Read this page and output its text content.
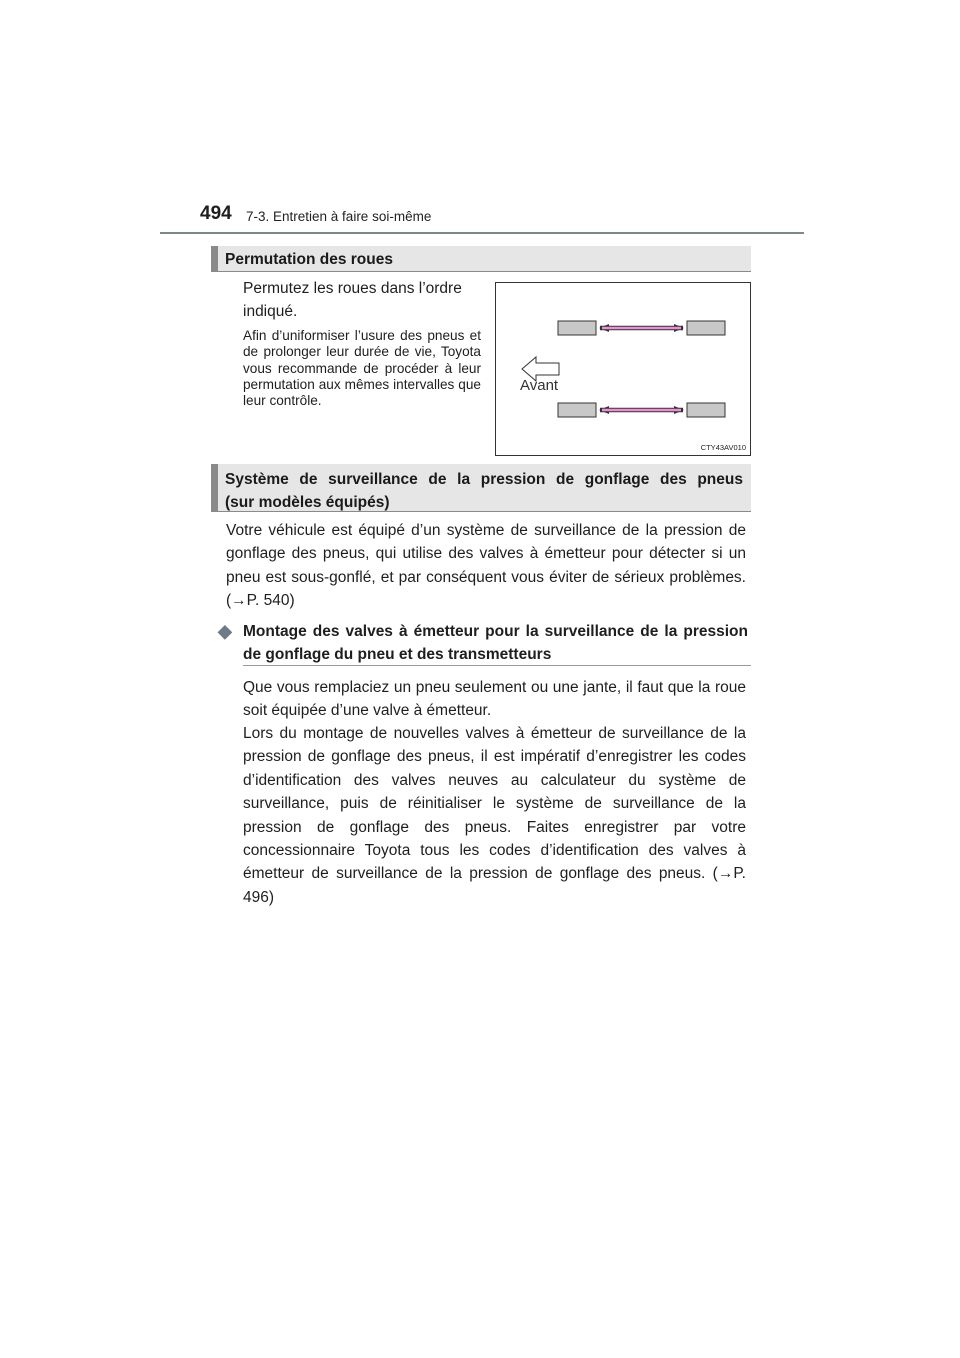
494 7-3. Entretien à faire soi-même
Permutation des roues
Permutez les roues dans l’ordre indiqué.
Afin d’uniformiser l’usure des pneus et de prolonger leur durée de vie, Toyota vous recommande de procéder à leur permutation aux mêmes intervalles que leur contrôle.
Avant
CTY43AV010
Système de surveillance de la pression de gonflage des pneus
(sur modèles équipés)
Votre véhicule est équipé d’un système de surveillance de la pression de gonflage des pneus, qui utilise des valves à émetteur pour détecter si un pneu est sous-gonflé, et par conséquent vous éviter de sérieux problèmes. (→P. 540)
◆ Montage des valves à émetteur pour la surveillance de la pression de gonflage du pneu et des transmetteurs
Que vous remplaciez un pneu seulement ou une jante, il faut que la roue soit équipée d’une valve à émetteur.
Lors du montage de nouvelles valves à émetteur de surveillance de la pression de gonflage des pneus, il est impératif d’enregistrer les codes d’identification des valves neuves au calculateur du système de surveillance, puis de réinitialiser le système de surveillance de la pression de gonflage des pneus. Faites enregistrer par votre concessionnaire Toyota tous les codes d’identification des valves à émetteur de surveillance de la pression de gonflage des pneus. (→P. 496)
